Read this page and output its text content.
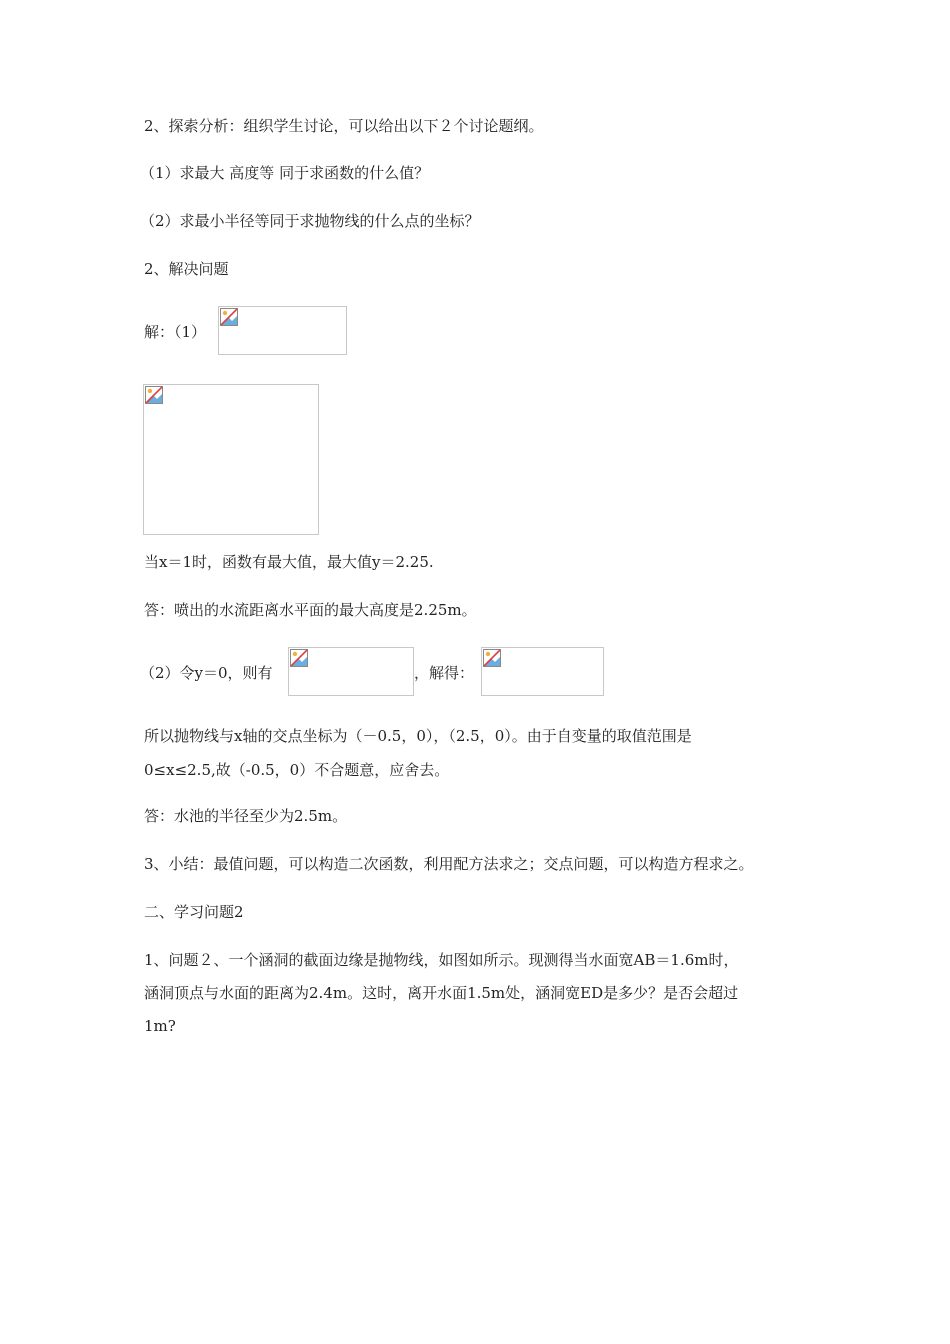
2、探索分析：组织学生讨论，可以给出以下２个讨论题纲。
（1）求最大 高度等 同于求函数的什么值？
（2）求最小半径等同于求抛物线的什么点的坐标？
2、解决问题
解：（1）
当x＝1时，函数有最大值，最大值y＝2.25.
答：喷出的水流距离水平面的最大高度是2.25m。
（2）令y＝0，则有	，解得：
所以抛物线与x轴的交点坐标为（－0.5，0），（2.5，0）。由于自变量的取值范围是
0≤x≤2.5,故（-0.5，0）不合题意，应舍去。
答：水池的半径至少为2.5m。
3、小结：最值问题，可以构造二次函数，利用配方法求之；交点问题，可以构造方程求之。
二、学习问题2
1、问题２、一个涵洞的截面边缘是抛物线，如图如所示。现测得当水面宽AB＝1.6m时，
涵洞顶点与水面的距离为2.4m。这时，离开水面1.5m处，涵洞宽ED是多少？是否会超过
1m?
